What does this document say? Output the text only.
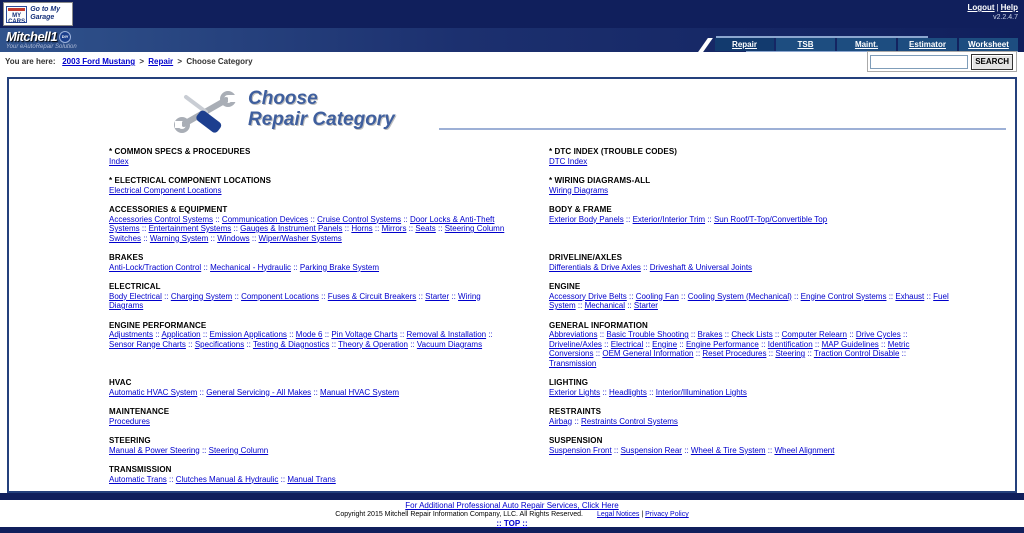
MY CARS
Go to My Garage
Logout | Help
v2.2.4.7
Mitchell1	DIY
Your eAutoRepair Solution	Repair	TSB	Maint.	Estimator	Worksheet
You are here: 2003 Ford Mustang > Repair > Choose Category	SEARCH
Choose
Repair Category
* COMMON SPECS & PROCEDURES
Index
* DTC INDEX (TROUBLE CODES)
DTC Index
* ELECTRICAL COMPONENT LOCATIONS
Electrical Component Locations
* WIRING DIAGRAMS-ALL
Wiring Diagrams
ACCESSORIES & EQUIPMENT
Accessories Control Systems :: Communication Devices :: Cruise Control Systems :: Door Locks & Anti-Theft Systems :: Entertainment Systems :: Gauges & Instrument Panels :: Horns :: Mirrors :: Seats :: Steering Column Switches :: Warning System :: Windows :: Wiper/Washer Systems
BODY & FRAME
Exterior Body Panels :: Exterior/Interior Trim :: Sun Roof/T-Top/Convertible Top
BRAKES
Anti-Lock/Traction Control :: Mechanical - Hydraulic :: Parking Brake System
DRIVELINE/AXLES
Differentials & Drive Axles :: Driveshaft & Universal Joints
ELECTRICAL
Body Electrical :: Charging System :: Component Locations :: Fuses & Circuit Breakers :: Starter :: Wiring Diagrams
ENGINE
Accessory Drive Belts :: Cooling Fan :: Cooling System (Mechanical) :: Engine Control Systems :: Exhaust :: Fuel System :: Mechanical :: Starter
ENGINE PERFORMANCE
Adjustments :: Application :: Emission Applications :: Mode 6 :: Pin Voltage Charts :: Removal & Installation :: Sensor Range Charts :: Specifications :: Testing & Diagnostics :: Theory & Operation :: Vacuum Diagrams
GENERAL INFORMATION
Abbreviations :: Basic Trouble Shooting :: Brakes :: Check Lists :: Computer Relearn :: Drive Cycles :: Driveline/Axles :: Electrical :: Engine :: Engine Performance :: Identification :: MAP Guidelines :: Metric Conversions :: OEM General Information :: Reset Procedures :: Steering :: Traction Control Disable :: Transmission
HVAC
Automatic HVAC System :: General Servicing - All Makes :: Manual HVAC System
LIGHTING
Exterior Lights :: Headlights :: Interior/Illumination Lights
MAINTENANCE
Procedures
RESTRAINTS
Airbag :: Restraints Control Systems
STEERING
Manual & Power Steering :: Steering Column
SUSPENSION
Suspension Front :: Suspension Rear :: Wheel & Tire System :: Wheel Alignment
TRANSMISSION
Automatic Trans :: Clutches Manual & Hydraulic :: Manual Trans
For Additional Professional Auto Repair Services, Click Here
Copyright 2015 Mitchell Repair Information Company, LLC. All Rights Reserved. Legal Notices | Privacy Policy
:: TOP ::
